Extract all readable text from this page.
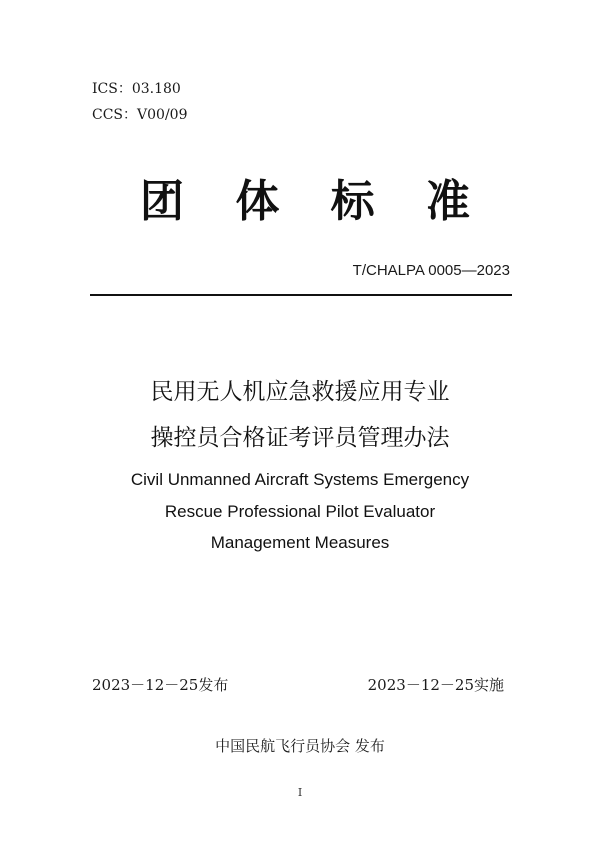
ICS：03.180
CCS：V00/09
团 体 标 准
T/CHALPA 0005—2023
民用无人机应急救援应用专业
操控员合格证考评员管理办法
Civil Unmanned Aircraft Systems Emergency
Rescue Professional Pilot Evaluator
Management Measures
2023－12－25发布	2023－12－25实施
中国民航飞行员协会 发布
I
